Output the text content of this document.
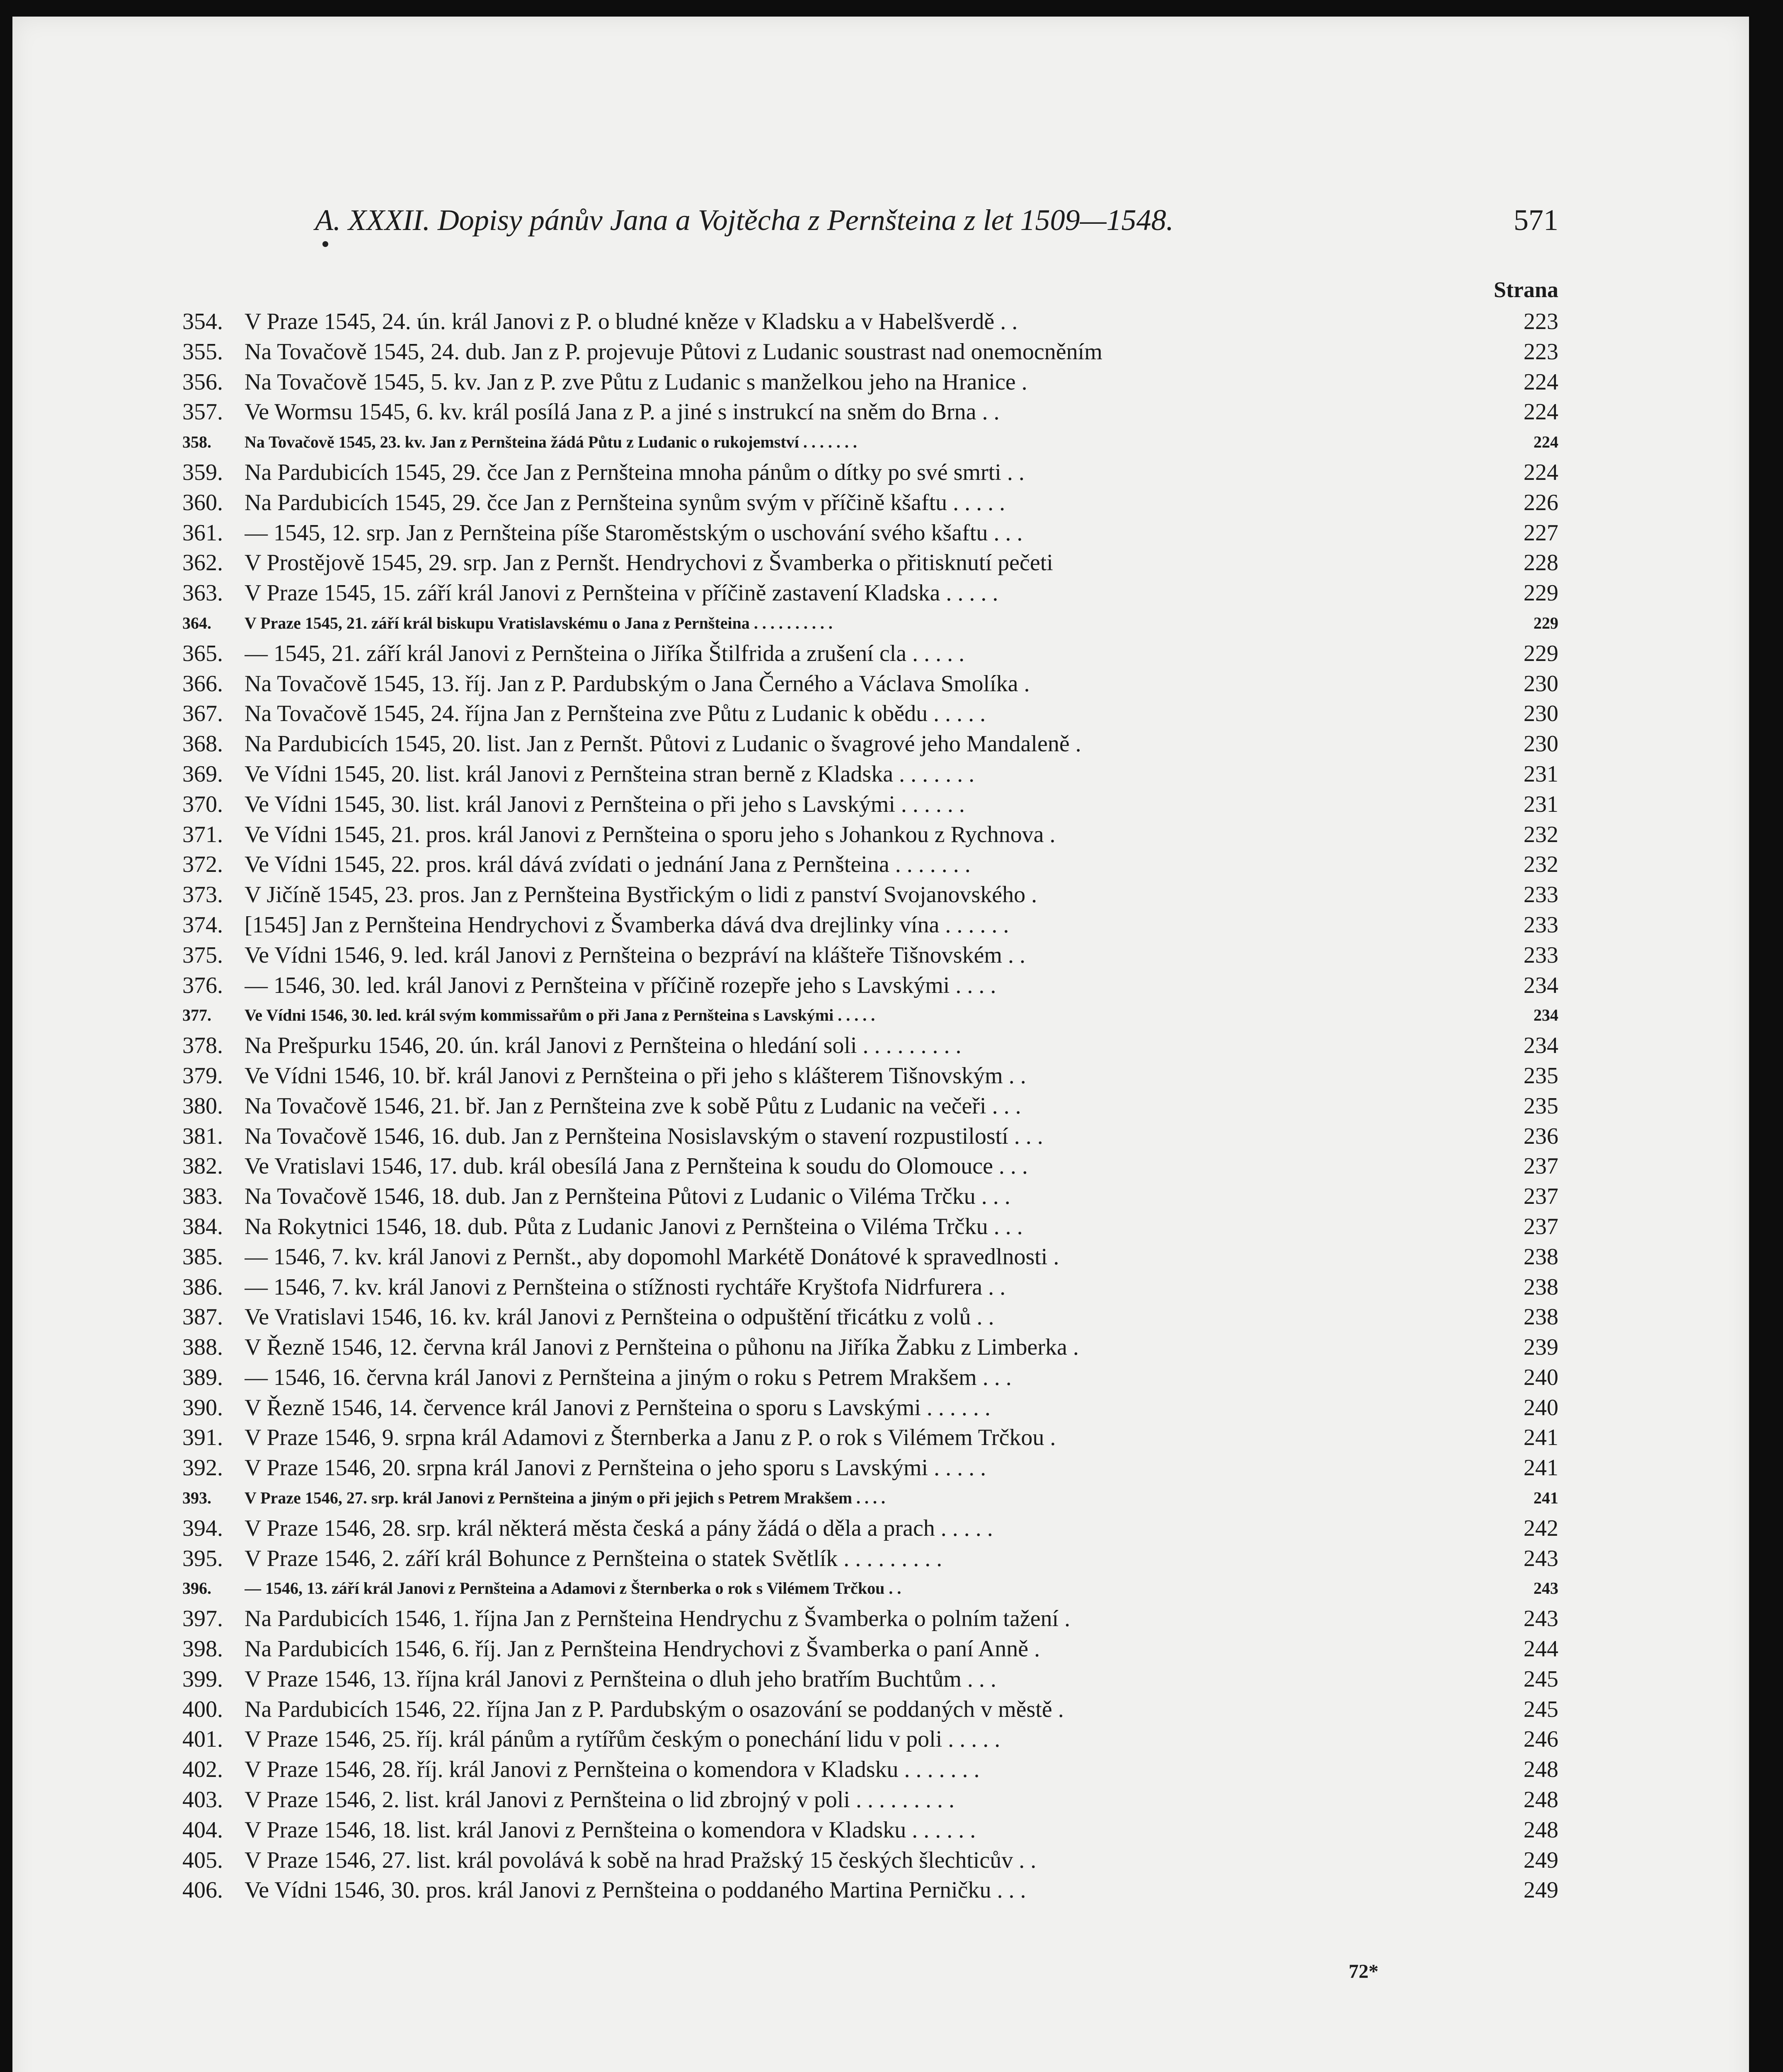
A. XXXII. Dopisy pánův Jana a Vojtěcha z Pernšteina z let 1509—1548.	571
Strana
354. V Praze 1545, 24. ún. král Janovi z P. o bludné kněze v Kladsku a v Habelšverdě . .	223
355. Na Tovačově 1545, 24. dub. Jan z P. projevuje Půtovi z Ludanic soustrast nad onemocněním	223
356. Na Tovačově 1545, 5. kv. Jan z P. zve Půtu z Ludanic s manželkou jeho na Hranice .	224
357. Ve Wormsu 1545, 6. kv. král posílá Jana z P. a jiné s instrukcí na sněm do Brna . .	224
358.	Na Tovačově 1545, 23. kv. Jan z Pernšteina žádá Půtu z Ludanic o rukojemství . . . . . . .	224
359. Na Pardubicích 1545, 29. čce Jan z Pernšteina mnoha pánům o dítky po své smrti . .	224
360. Na Pardubicích 1545, 29. čce Jan z Pernšteina synům svým v příčině kšaftu . . . . .	226
361. — 1545, 12. srp. Jan z Pernšteina píše Staroměstským o uschování svého kšaftu . . .	227
362. V Prostějově 1545, 29. srp. Jan z Pernšt. Hendrychovi z Švamberka o přitisknutí pečeti	228
363. V Praze 1545, 15. září král Janovi z Pernšteina v příčině zastavení Kladska . . . . .	229
364.	V Praze 1545, 21. září král biskupu Vratislavskému o Jana z Pernšteina . . . . . . . . . .	229
365. — 1545, 21. září král Janovi z Pernšteina o Jiříka Štilfrida a zrušení cla . . . . .	229
366. Na Tovačově 1545, 13. říj. Jan z P. Pardubským o Jana Černého a Václava Smolíka .	230
367. Na Tovačově 1545, 24. října Jan z Pernšteina zve Půtu z Ludanic k obědu . . . . .	230
368. Na Pardubicích 1545, 20. list. Jan z Pernšt. Půtovi z Ludanic o švagrové jeho Mandaleně .	230
369. Ve Vídni 1545, 20. list. král Janovi z Pernšteina stran berně z Kladska . . . . . . .	231
370. Ve Vídni 1545, 30. list. král Janovi z Pernšteina o při jeho s Lavskými . . . . . .	231
371. Ve Vídni 1545, 21. pros. král Janovi z Pernšteina o sporu jeho s Johankou z Rychnova .	232
372. Ve Vídni 1545, 22. pros. král dává zvídati o jednání Jana z Pernšteina . . . . . . .	232
373. V Jičíně 1545, 23. pros. Jan z Pernšteina Bystřickým o lidi z panství Svojanovského .	233
374. [1545] Jan z Pernšteina Hendrychovi z Švamberka dává dva drejlinky vína . . . . . .	233
375. Ve Vídni 1546, 9. led. král Janovi z Pernšteina o bezpráví na klášteře Tišnovském . .	233
376. — 1546, 30. led. král Janovi z Pernšteina v příčině rozepře jeho s Lavskými . . . .	234
377.	Ve Vídni 1546, 30. led. král svým kommissařům o při Jana z Pernšteina s Lavskými . . . . .	234
378. Na Prešpurku 1546, 20. ún. král Janovi z Pernšteina o hledání soli . . . . . . . . .	234
379. Ve Vídni 1546, 10. bř. král Janovi z Pernšteina o při jeho s klášterem Tišnovským . .	235
380. Na Tovačově 1546, 21. bř. Jan z Pernšteina zve k sobě Půtu z Ludanic na večeři . . .	235
381. Na Tovačově 1546, 16. dub. Jan z Pernšteina Nosislavským o stavení rozpustilostí . . .	236
382. Ve Vratislavi 1546, 17. dub. král obesílá Jana z Pernšteina k soudu do Olomouce . . .	237
383. Na Tovačově 1546, 18. dub. Jan z Pernšteina Půtovi z Ludanic o Viléma Trčku . . .	237
384. Na Rokytnici 1546, 18. dub. Půta z Ludanic Janovi z Pernšteina o Viléma Trčku . . .	237
385. — 1546, 7. kv. král Janovi z Pernšt., aby dopomohl Markétě Donátové k spravedlnosti .	238
386. — 1546, 7. kv. král Janovi z Pernšteina o stížnosti rychtáře Kryštofa Nidrfurera . .	238
387. Ve Vratislavi 1546, 16. kv. král Janovi z Pernšteina o odpuštění třicátku z volů . .	238
388. V Řezně 1546, 12. června král Janovi z Pernšteina o půhonu na Jiříka Žabku z Limberka .	239
389. — 1546, 16. června král Janovi z Pernšteina a jiným o roku s Petrem Mrakšem . . .	240
390. V Řezně 1546, 14. července král Janovi z Pernšteina o sporu s Lavskými . . . . . .	240
391. V Praze 1546, 9. srpna král Adamovi z Šternberka a Janu z P. o rok s Vilémem Trčkou .	241
392. V Praze 1546, 20. srpna král Janovi z Pernšteina o jeho sporu s Lavskými . . . . .	241
393.	V Praze 1546, 27. srp. král Janovi z Pernšteina a jiným o při jejich s Petrem Mrakšem . . . .	241
394. V Praze 1546, 28. srp. král některá města česká a pány žádá o děla a prach . . . . .	242
395. V Praze 1546, 2. září král Bohunce z Pernšteina o statek Světlík . . . . . . . . .	243
396.	— 1546, 13. září král Janovi z Pernšteina a Adamovi z Šternberka o rok s Vilémem Trčkou . .	243
397. Na Pardubicích 1546, 1. října Jan z Pernšteina Hendrychu z Švamberka o polním tažení .	243
398. Na Pardubicích 1546, 6. říj. Jan z Pernšteina Hendrychovi z Švamberka o paní Anně .	244
399. V Praze 1546, 13. října král Janovi z Pernšteina o dluh jeho bratřím Buchtům . . .	245
400. Na Pardubicích 1546, 22. října Jan z P. Pardubským o osazování se poddaných v městě .	245
401. V Praze 1546, 25. říj. král pánům a rytířům českým o ponechání lidu v poli . . . . .	246
402. V Praze 1546, 28. říj. král Janovi z Pernšteina o komendora v Kladsku . . . . . . .	248
403. V Praze 1546, 2. list. král Janovi z Pernšteina o lid zbrojný v poli . . . . . . . . .	248
404. V Praze 1546, 18. list. král Janovi z Pernšteina o komendora v Kladsku . . . . . .	248
405. V Praze 1546, 27. list. král povolává k sobě na hrad Pražský 15 českých šlechticův . .	249
406. Ve Vídni 1546, 30. pros. král Janovi z Pernšteina o poddaného Martina Perničku . . .	249
72*
